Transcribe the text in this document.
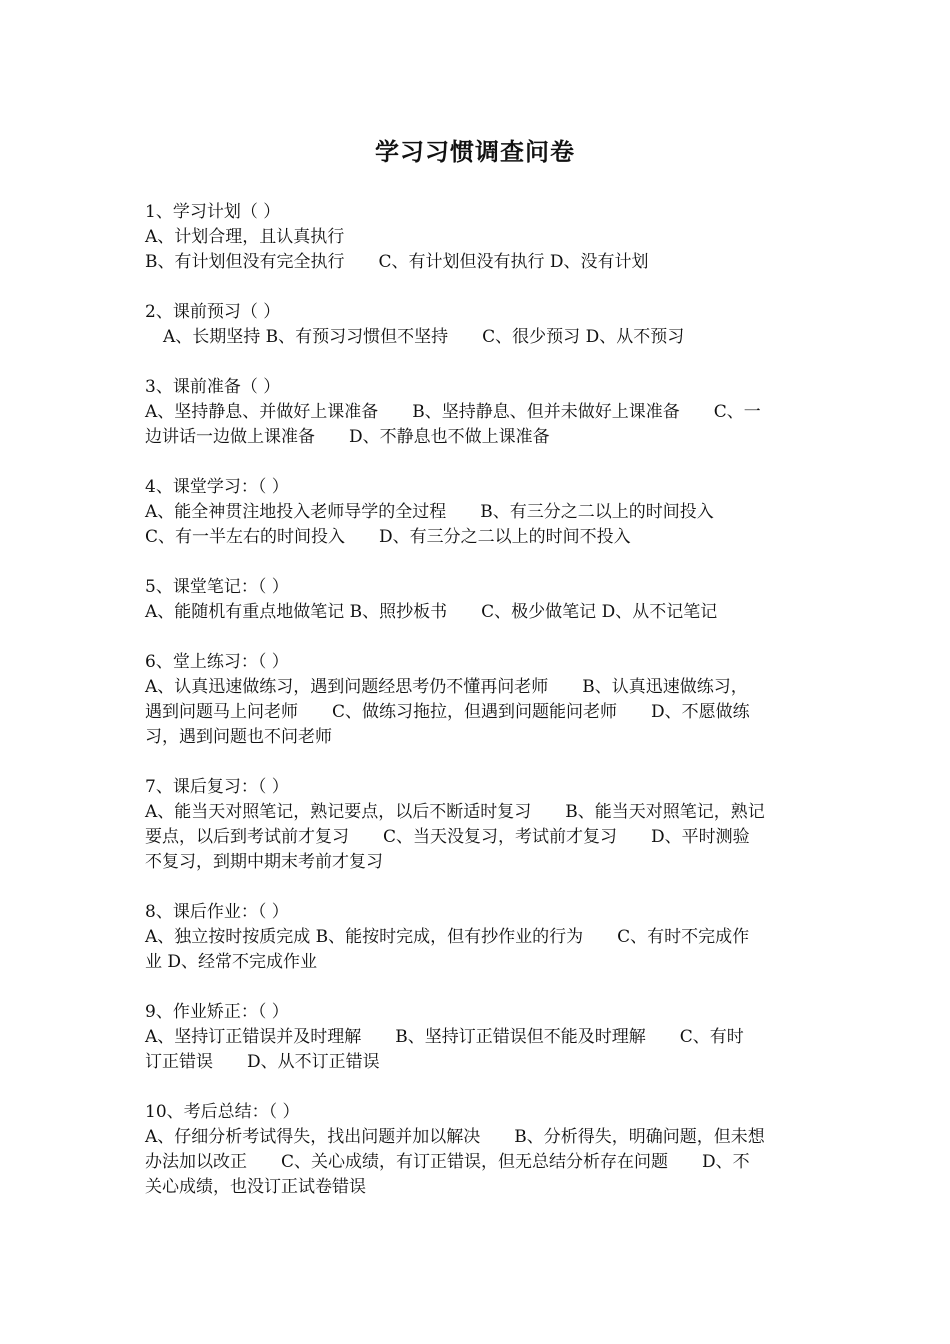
学习习惯调查问卷

1、学习计划（ ）

A、计划合理，且认真执行

B、有计划但没有完全执行　　C、有计划但没有执行 D、没有计划

2、课前预习（ ）

A、长期坚持 B、有预习习惯但不坚持　　C、很少预习 D、从不预习

3、课前准备（ ）

A、坚持静息、并做好上课准备　　B、坚持静息、但并未做好上课准备　　C、一

边讲话一边做上课准备　　D、不静息也不做上课准备

4、课堂学习：（ ）

A、能全神贯注地投入老师导学的全过程　　B、有三分之二以上的时间投入

C、有一半左右的时间投入　　D、有三分之二以上的时间不投入

5、课堂笔记：（ ）

A、能随机有重点地做笔记 B、照抄板书　　C、极少做笔记 D、从不记笔记

6、堂上练习：（ ）

A、认真迅速做练习，遇到问题经思考仍不懂再问老师　　B、认真迅速做练习，

遇到问题马上问老师　　C、做练习拖拉，但遇到问题能问老师　　D、不愿做练

习，遇到问题也不问老师

7、课后复习：（ ）

A、能当天对照笔记，熟记要点，以后不断适时复习　　B、能当天对照笔记，熟记

要点，以后到考试前才复习　　C、当天没复习，考试前才复习　　D、平时测验

不复习，到期中期末考前才复习

8、课后作业：（ ）

A、独立按时按质完成 B、能按时完成，但有抄作业的行为　　C、有时不完成作

业 D、经常不完成作业

9、作业矫正：（ ）

A、坚持订正错误并及时理解　　B、坚持订正错误但不能及时理解　　C、有时

订正错误　　D、从不订正错误

10、考后总结：（ ）

A、仔细分析考试得失，找出问题并加以解决　　B、分析得失，明确问题，但未想

办法加以改正　　C、关心成绩，有订正错误，但无总结分析存在问题　　D、不

关心成绩，也没订正试卷错误
